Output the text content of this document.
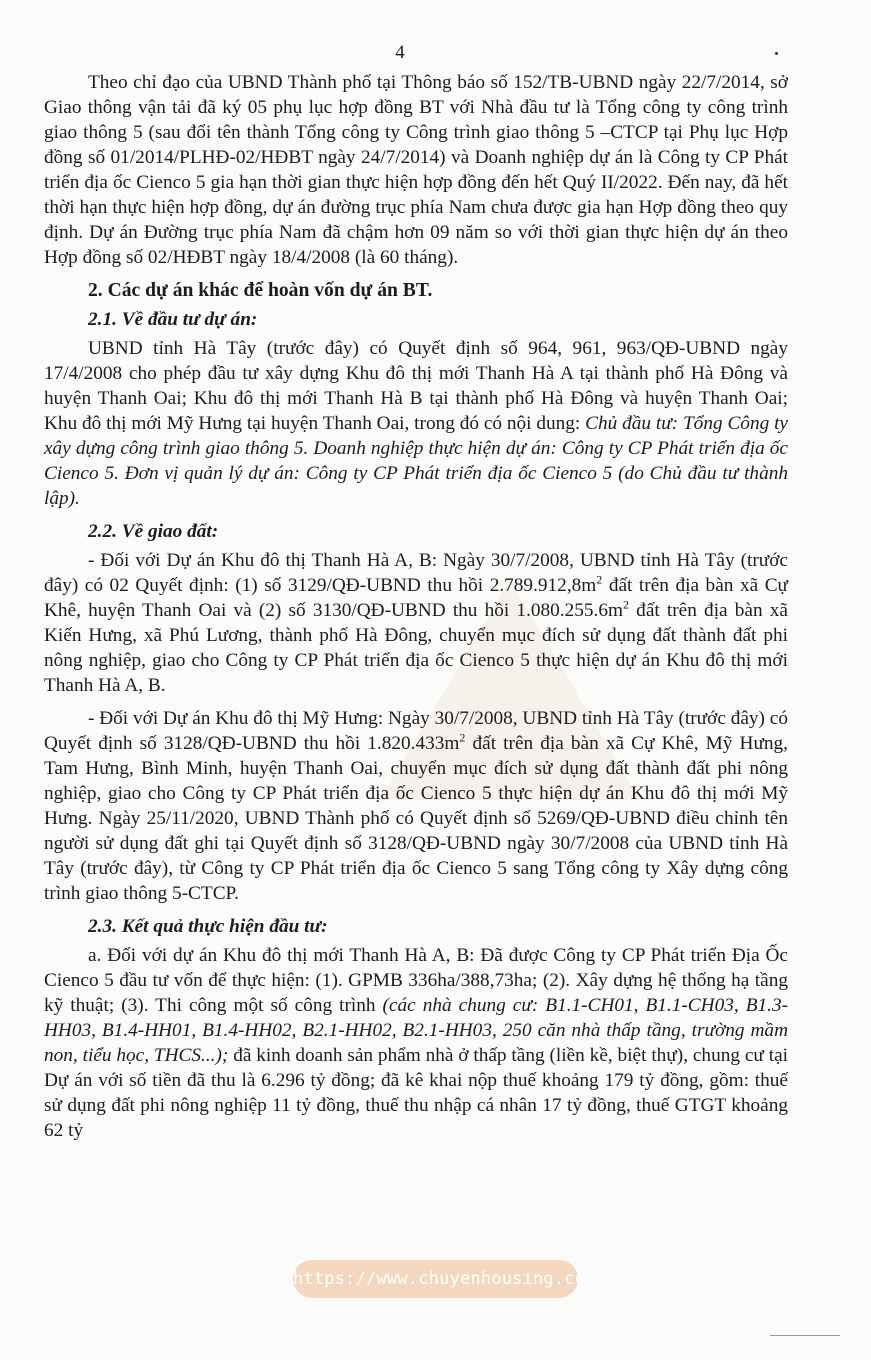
4

Theo chỉ đạo của UBND Thành phố tại Thông báo số 152/TB-UBND ngày 22/7/2014, sở Giao thông vận tải đã ký 05 phụ lục hợp đồng BT với Nhà đầu tư là Tổng công ty công trình giao thông 5 (sau đổi tên thành Tổng công ty Công trình giao thông 5 –CTCP tại Phụ lục Hợp đồng số 01/2014/PLHĐ-02/HĐBT ngày 24/7/2014) và Doanh nghiệp dự án là Công ty CP Phát triển địa ốc Cienco 5 gia hạn thời gian thực hiện hợp đồng đến hết Quý II/2022. Đến nay, đã hết thời hạn thực hiện hợp đồng, dự án đường trục phía Nam chưa được gia hạn Hợp đồng theo quy định. Dự án Đường trục phía Nam đã chậm hơn 09 năm so với thời gian thực hiện dự án theo Hợp đồng số 02/HĐBT ngày 18/4/2008 (là 60 tháng).

2. Các dự án khác để hoàn vốn dự án BT.
2.1. Về đầu tư dự án:

UBND tỉnh Hà Tây (trước đây) có Quyết định số 964, 961, 963/QĐ-UBND ngày 17/4/2008 cho phép đầu tư xây dựng Khu đô thị mới Thanh Hà A tại thành phố Hà Đông và huyện Thanh Oai; Khu đô thị mới Thanh Hà B tại thành phố Hà Đông và huyện Thanh Oai; Khu đô thị mới Mỹ Hưng tại huyện Thanh Oai, trong đó có nội dung: Chủ đầu tư: Tổng Công ty xây dựng công trình giao thông 5. Doanh nghiệp thực hiện dự án: Công ty CP Phát triển địa ốc Cienco 5. Đơn vị quản lý dự án: Công ty CP Phát triển địa ốc Cienco 5 (do Chủ đầu tư thành lập).

2.2. Về giao đất:

- Đối với Dự án Khu đô thị Thanh Hà A, B: Ngày 30/7/2008, UBND tỉnh Hà Tây (trước đây) có 02 Quyết định: (1) số 3129/QĐ-UBND thu hồi $2.789.912,8m^2$ đất trên địa bàn xã Cự Khê, huyện Thanh Oai và (2) số 3130/QĐ-UBND thu hồi $1.080.255.6m^2$ đất trên địa bàn xã Kiến Hưng, xã Phú Lương, thành phố Hà Đông, chuyển mục đích sử dụng đất thành đất phi nông nghiệp, giao cho Công ty CP Phát triển địa ốc Cienco 5 thực hiện dự án Khu đô thị mới Thanh Hà A, B.

- Đối với Dự án Khu đô thị Mỹ Hưng: Ngày 30/7/2008, UBND tỉnh Hà Tây (trước đây) có Quyết định số 3128/QĐ-UBND thu hồi $1.820.433m^2$ đất trên địa bàn xã Cự Khê, Mỹ Hưng, Tam Hưng, Bình Minh, huyện Thanh Oai, chuyển mục đích sử dụng đất thành đất phi nông nghiệp, giao cho Công ty CP Phát triển địa ốc Cienco 5 thực hiện dự án Khu đô thị mới Mỹ Hưng. Ngày 25/11/2020, UBND Thành phố có Quyết định số 5269/QĐ-UBND điều chỉnh tên người sử dụng đất ghi tại Quyết định số 3128/QĐ-UBND ngày 30/7/2008 của UBND tỉnh Hà Tây (trước đây), từ Công ty CP Phát triển địa ốc Cienco 5 sang Tổng công ty Xây dựng công trình giao thông 5-CTCP.

2.3. Kết quả thực hiện đầu tư:

a. Đối với dự án Khu đô thị mới Thanh Hà A, B: Đã được Công ty CP Phát triển Địa Ốc Cienco 5 đầu tư vốn để thực hiện: (1). GPMB 336ha/388,73ha; (2). Xây dựng hệ thống hạ tầng kỹ thuật; (3). Thi công một số công trình (các nhà chung cư: B1.1-CH01, B1.1-CH03, B1.3-HH03, B1.4-HH01, B1.4-HH02, B2.1-HH02, B2.1-HH03, 250 căn nhà thấp tầng, trường mầm non, tiểu học, THCS...); đã kinh doanh sản phẩm nhà ở thấp tầng (liền kề, biệt thự), chung cư tại Dự án với số tiền đã thu là 6.296 tỷ đồng; đã kê khai nộp thuế khoảng 179 tỷ đồng, gồm: thuế sử dụng đất phi nông nghiệp 11 tỷ đồng, thuế thu nhập cá nhân 17 tỷ đồng, thuế GTGT khoảng 62 tỷ

https://www.chuyenhousing.com/
